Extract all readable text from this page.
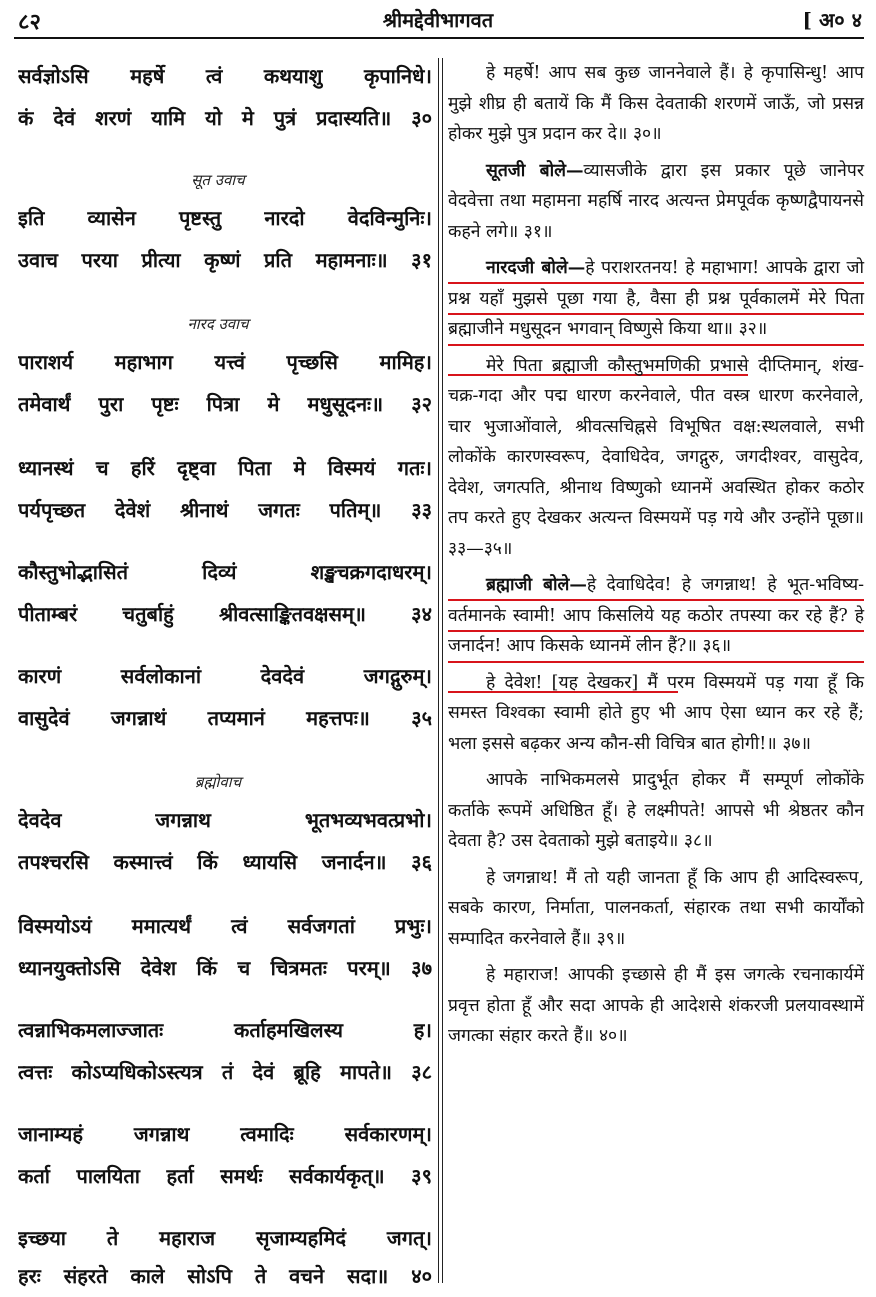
८२	श्रीमद्देवीभागवत	[ अ० ४
सर्वज्ञोऽसि महर्षे त्वं कथयाशु कृपानिधे।
कं देवं शरणं यामि यो मे पुत्रं प्रदास्यति॥ ३०
सूत उवाच
इति व्यासेन पृष्टस्तु नारदो वेदविन्मुनिः।
उवाच परया प्रीत्या कृष्णं प्रति महामनाः॥ ३१
नारद उवाच
पाराशर्य महाभाग यत्त्वं पृच्छसि मामिह।
तमेवार्थं पुरा पृष्टः पित्रा मे मधुसूदनः॥ ३२
ध्यानस्थं च हरिं दृष्ट्वा पिता मे विस्मयं गतः।
पर्यपृच्छत देवेशं श्रीनाथं जगतः पतिम्॥ ३३
कौस्तुभोद्भासितं दिव्यं शङ्खचक्रगदाधरम्।
पीताम्बरं चतुर्बाहुं श्रीवत्साङ्कितवक्षसम्॥ ३४
कारणं सर्वलोकानां देवदेवं जगद्गुरुम्।
वासुदेवं जगन्नाथं तप्यमानं महत्तपः॥ ३५
ब्रह्मोवाच
देवदेव जगन्नाथ भूतभव्यभवत्प्रभो।
तपश्चरसि कस्मात्त्वं किं ध्यायसि जनार्दन॥ ३६
विस्मयोऽयं ममात्यर्थं त्वं सर्वजगतां प्रभुः।
ध्यानयुक्तोऽसि देवेश किं च चित्रमतः परम्॥ ३७
त्वन्नाभिकमलाज्जातः कर्ताहमखिलस्य ह।
त्वत्तः कोऽप्यधिकोऽस्त्यत्र तं देवं ब्रूहि मापते॥ ३८
जानाम्यहं जगन्नाथ त्वमादिः सर्वकारणम्।
कर्ता पालयिता हर्ता समर्थः सर्वकार्यकृत्॥ ३९
इच्छया ते महाराज सृजाम्यहमिदं जगत्।
हरः संहरते काले सोऽपि ते वचने सदा॥ ४०

हे महर्षे! आप सब कुछ जाननेवाले हैं। हे कृपासिन्धु! आप मुझे शीघ्र ही बतायें कि मैं किस देवताकी शरणमें जाऊँ, जो प्रसन्न होकर मुझे पुत्र प्रदान कर दे॥ ३०॥

सूतजी बोले—व्यासजीके द्वारा इस प्रकार पूछे जानेपर वेदवेत्ता तथा महामना महर्षि नारद अत्यन्त प्रेमपूर्वक कृष्णद्वैपायनसे कहने लगे॥ ३१॥

नारदजी बोले—हे पराशरतनय! हे महाभाग! आपके द्वारा जो प्रश्न यहाँ मुझसे पूछा गया है, वैसा ही प्रश्न पूर्वकालमें मेरे पिता ब्रह्माजीने मधुसूदन भगवान् विष्णुसे किया था॥ ३२॥

मेरे पिता ब्रह्माजी कौस्तुभमणिकी प्रभासे दीप्तिमान्, शंख-चक्र-गदा और पद्म धारण करनेवाले, पीत वस्त्र धारण करनेवाले, चार भुजाओंवाले, श्रीवत्सचिह्नसे विभूषित वक्ष:स्थलवाले, सभी लोकोंके कारणस्वरूप, देवाधिदेव, जगद्गुरु, जगदीश्वर, वासुदेव, देवेश, जगत्पति, श्रीनाथ विष्णुको ध्यानमें अवस्थित होकर कठोर तप करते हुए देखकर अत्यन्त विस्मयमें पड़ गये और उन्होंने पूछा॥ ३३—३५॥

ब्रह्माजी बोले—हे देवाधिदेव! हे जगन्नाथ! हे भूत-भविष्य-वर्तमानके स्वामी! आप किसलिये यह कठोर तपस्या कर रहे हैं? हे जनार्दन! आप किसके ध्यानमें लीन हैं?॥ ३६॥

हे देवेश! [यह देखकर] मैं परम विस्मयमें पड़ गया हूँ कि समस्त विश्वका स्वामी होते हुए भी आप ऐसा ध्यान कर रहे हैं; भला इससे बढ़कर अन्य कौन-सी विचित्र बात होगी!॥ ३७॥

आपके नाभिकमलसे प्रादुर्भूत होकर मैं सम्पूर्ण लोकोंके कर्ताके रूपमें अधिष्ठित हूँ। हे लक्ष्मीपते! आपसे भी श्रेष्ठतर कौन देवता है? उस देवताको मुझे बताइये॥ ३८॥

हे जगन्नाथ! मैं तो यही जानता हूँ कि आप ही आदिस्वरूप, सबके कारण, निर्माता, पालनकर्ता, संहारक तथा सभी कार्योंको सम्पादित करनेवाले हैं॥ ३९॥

हे महाराज! आपकी इच्छासे ही मैं इस जगत्के रचनाकार्यमें प्रवृत्त होता हूँ और सदा आपके ही आदेशसे शंकरजी प्रलयावस्थामें जगत्का संहार करते हैं॥ ४०॥
